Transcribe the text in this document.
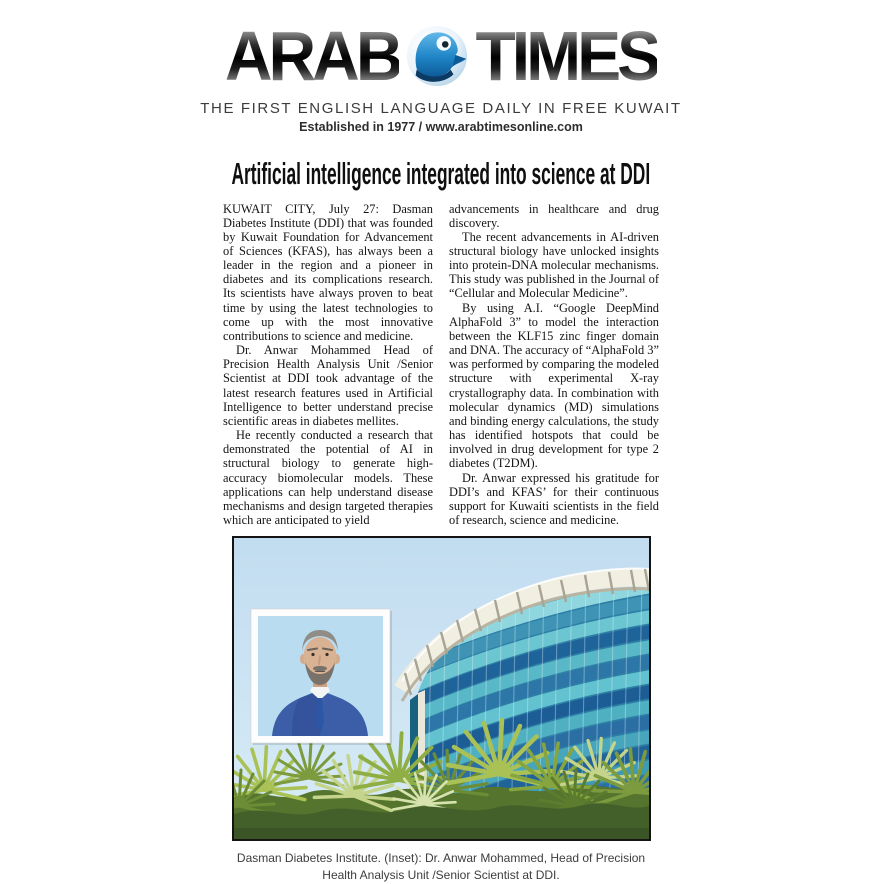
ARAB TIMES
THE FIRST ENGLISH LANGUAGE DAILY IN FREE KUWAIT
Established in 1977 / www.arabtimesonline.com
Artificial intelligence integrated into science at DDI

KUWAIT CITY, July 27: Dasman Diabetes Institute (DDI) that was founded by Kuwait Foundation for Advancement of Sciences (KFAS), has always been a leader in the region and a pioneer in diabetes and its complications research. Its scientists have always proven to beat time by using the latest technologies to come up with the most innovative contributions to science and medicine.

Dr. Anwar Mohammed Head of Precision Health Analysis Unit /Senior Scientist at DDI took advantage of the latest research features used in Artificial Intelligence to better understand precise scientific areas in diabetes mellites.

He recently conducted a research that demonstrated the potential of AI in structural biology to generate high-accuracy biomolecular models. These applications can help understand disease mechanisms and design targeted therapies which are anticipated to yield

advancements in healthcare and drug discovery.

The recent advancements in AI-driven structural biology have unlocked insights into protein-DNA molecular mechanisms. This study was published in the Journal of “Cellular and Molecular Medicine”.

By using A.I. “Google DeepMind AlphaFold 3” to model the interaction between the KLF15 zinc finger domain and DNA. The accuracy of “AlphaFold 3” was performed by comparing the modeled structure with experimental X-ray crystallography data. In combination with molecular dynamics (MD) simulations and binding energy calculations, the study has identified hotspots that could be involved in drug development for type 2 diabetes (T2DM).

Dr. Anwar expressed his gratitude for DDI’s and KFAS’ for their continuous support for Kuwaiti scientists in the field of research, science and medicine.

Dasman Diabetes Institute. (Inset): Dr. Anwar Mohammed, Head of Precision Health Analysis Unit /Senior Scientist at DDI.
